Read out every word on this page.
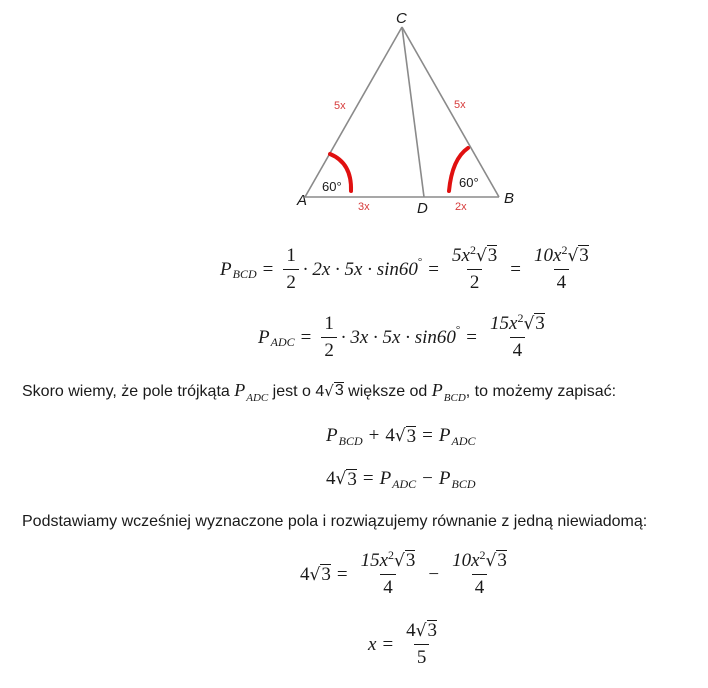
A	B
C
D
5x	5x
3x	2x
60°	60°
P BCD = $\frac{1}{2} \cdot 2x \cdot 5x \cdot \sin 60$ ° = $\frac{5x^2 √ 3}{2} = \frac{10x^2 √ 3}{4}$
P ADC = $\frac{1}{2} \cdot 3x \cdot 5x \cdot \sin 60$ ° = $\frac{15x^2 √ 3}{4}$
Skoro wiemy, że pole trójkąta $P_{ADC}$ jest o 4 √ 3 większe od $P_{BCD}$, to możemy zapisać:
P BCD + 4 √ 3 = P ADC
4 √ 3 = P ADC − P BCD
Podstawiamy wcześniej wyznaczone pola i rozwiązujemy równanie z jedną niewiadomą:
4 √ $3 = \frac{15x^2 √ 3}{4} - \frac{10x^2 √ 3}{4}$
$x = \frac{4 √ 3}{5}$
